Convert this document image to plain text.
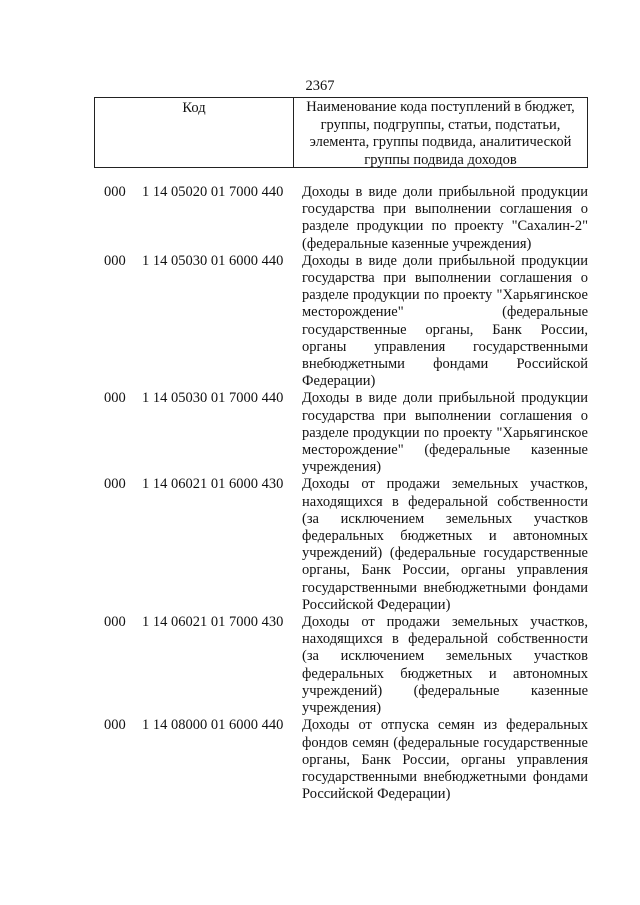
2367
Код	Наименование кода поступлений в бюджет, группы, подгруппы, статьи, подстатьи, элемента, группы подвида, аналитической группы подвида доходов
000	1 14 05020 01 7000 440	Доходы в виде доли прибыльной продукции государства при выполнении соглашения о разделе продукции по проекту "Сахалин-2" (федеральные казенные учреждения)
000	1 14 05030 01 6000 440	Доходы в виде доли прибыльной продукции государства при выполнении соглашения о разделе продукции по проекту "Харьягинское месторождение" (федеральные государственные органы, Банк России, органы управления государственными внебюджетными фондами Российской Федерации)
000	1 14 05030 01 7000 440	Доходы в виде доли прибыльной продукции государства при выполнении соглашения о разделе продукции по проекту "Харьягинское месторождение" (федеральные казенные учреждения)
000	1 14 06021 01 6000 430	Доходы от продажи земельных участков, находящихся в федеральной собственности (за исключением земельных участков федеральных бюджетных и автономных учреждений) (федеральные государственные органы, Банк России, органы управления государственными внебюджетными фондами Российской Федерации)
000	1 14 06021 01 7000 430	Доходы от продажи земельных участков, находящихся в федеральной собственности (за исключением земельных участков федеральных бюджетных и автономных учреждений) (федеральные казенные учреждения)
000	1 14 08000 01 6000 440	Доходы от отпуска семян из федеральных фондов семян (федеральные государственные органы, Банк России, органы управления государственными внебюджетными фондами Российской Федерации)
